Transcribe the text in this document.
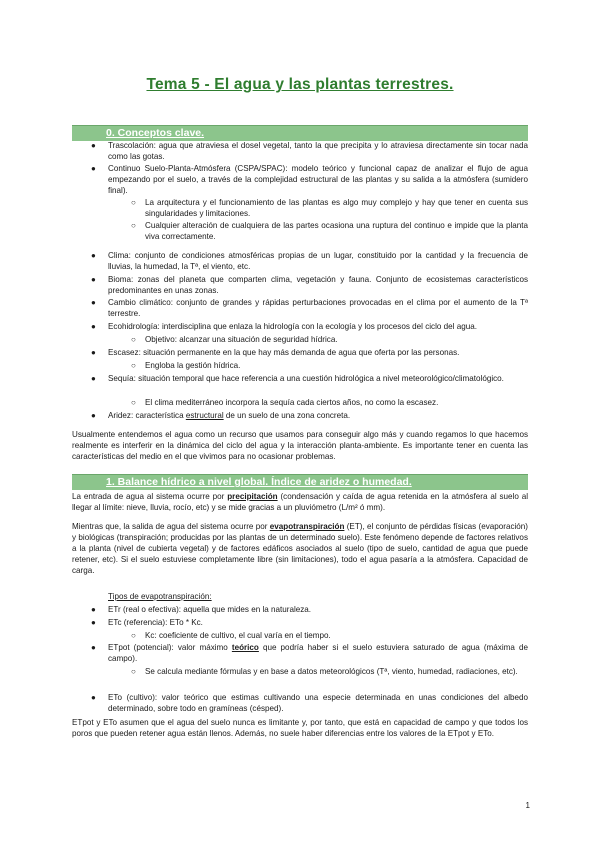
Tema 5 - El agua y las plantas terrestres.
0. Conceptos clave.
● Trascolación: agua que atraviesa el dosel vegetal, tanto la que precipita y lo atraviesa directamente sin tocar nada como las gotas.
● Continuo Suelo-Planta-Atmósfera (CSPA/SPAC): modelo teórico y funcional capaz de analizar el flujo de agua empezando por el suelo, a través de la complejidad estructural de las plantas y su salida a la atmósfera (sumidero final).
○ La arquitectura y el funcionamiento de las plantas es algo muy complejo y hay que tener en cuenta sus singularidades y limitaciones.
○ Cualquier alteración de cualquiera de las partes ocasiona una ruptura del continuo e impide que la planta viva correctamente.
● Clima: conjunto de condiciones atmosféricas propias de un lugar, constituido por la cantidad y la frecuencia de lluvias, la humedad, la Tª, el viento, etc.
● Bioma: zonas del planeta que comparten clima, vegetación y fauna. Conjunto de ecosistemas característicos predominantes en unas zonas.
● Cambio climático: conjunto de grandes y rápidas perturbaciones provocadas en el clima por el aumento de la Tª terrestre.
● Ecohidrología: interdisciplina que enlaza la hidrología con la ecología y los procesos del ciclo del agua.
○ Objetivo: alcanzar una situación de seguridad hídrica.
● Escasez: situación permanente en la que hay más demanda de agua que oferta por las personas.
○ Engloba la gestión hídrica.
● Sequía: situación temporal que hace referencia a una cuestión hidrológica a nivel meteorológico/climatológico.
○ El clima mediterráneo incorpora la sequía cada ciertos años, no como la escasez.
● Aridez: característica estructural de un suelo de una zona concreta.
Usualmente entendemos el agua como un recurso que usamos para conseguir algo más y cuando regamos lo que hacemos realmente es interferir en la dinámica del ciclo del agua y la interacción planta-ambiente. Es importante tener en cuenta las características del medio en el que vivimos para no ocasionar problemas.
1. Balance hídrico a nivel global. Índice de aridez o humedad.
La entrada de agua al sistema ocurre por precipitación (condensación y caída de agua retenida en la atmósfera al suelo al llegar al límite: nieve, lluvia, rocío, etc) y se mide gracias a un pluviómetro (L/m² ó mm).
Mientras que, la salida de agua del sistema ocurre por evapotranspiración (ET), el conjunto de pérdidas físicas (evaporación) y biológicas (transpiración; producidas por las plantas de un determinado suelo). Este fenómeno depende de factores relativos a la planta (nivel de cubierta vegetal) y de factores edáficos asociados al suelo (tipo de suelo, cantidad de agua que puede retener, etc). Si el suelo estuviese completamente libre (sin limitaciones), todo el agua pasaría a la atmósfera. Capacidad de carga.
Tipos de evapotranspiración:
● ETr (real o efectiva): aquella que mides en la naturaleza.
● ETc (referencia): ETo * Kc.
○ Kc: coeficiente de cultivo, el cual varía en el tiempo.
● ETpot (potencial): valor máximo teórico que podría haber si el suelo estuviera saturado de agua (máxima de campo).
○ Se calcula mediante fórmulas y en base a datos meteorológicos (Tª, viento, humedad, radiaciones, etc).
● ETo (cultivo): valor teórico que estimas cultivando una especie determinada en unas condiciones del albedo determinado, sobre todo en gramíneas (césped).
ETpot y ETo asumen que el agua del suelo nunca es limitante y, por tanto, que está en capacidad de campo y que todos los poros que pueden retener agua están llenos. Además, no suele haber diferencias entre los valores de la ETpot y ETo.
1
